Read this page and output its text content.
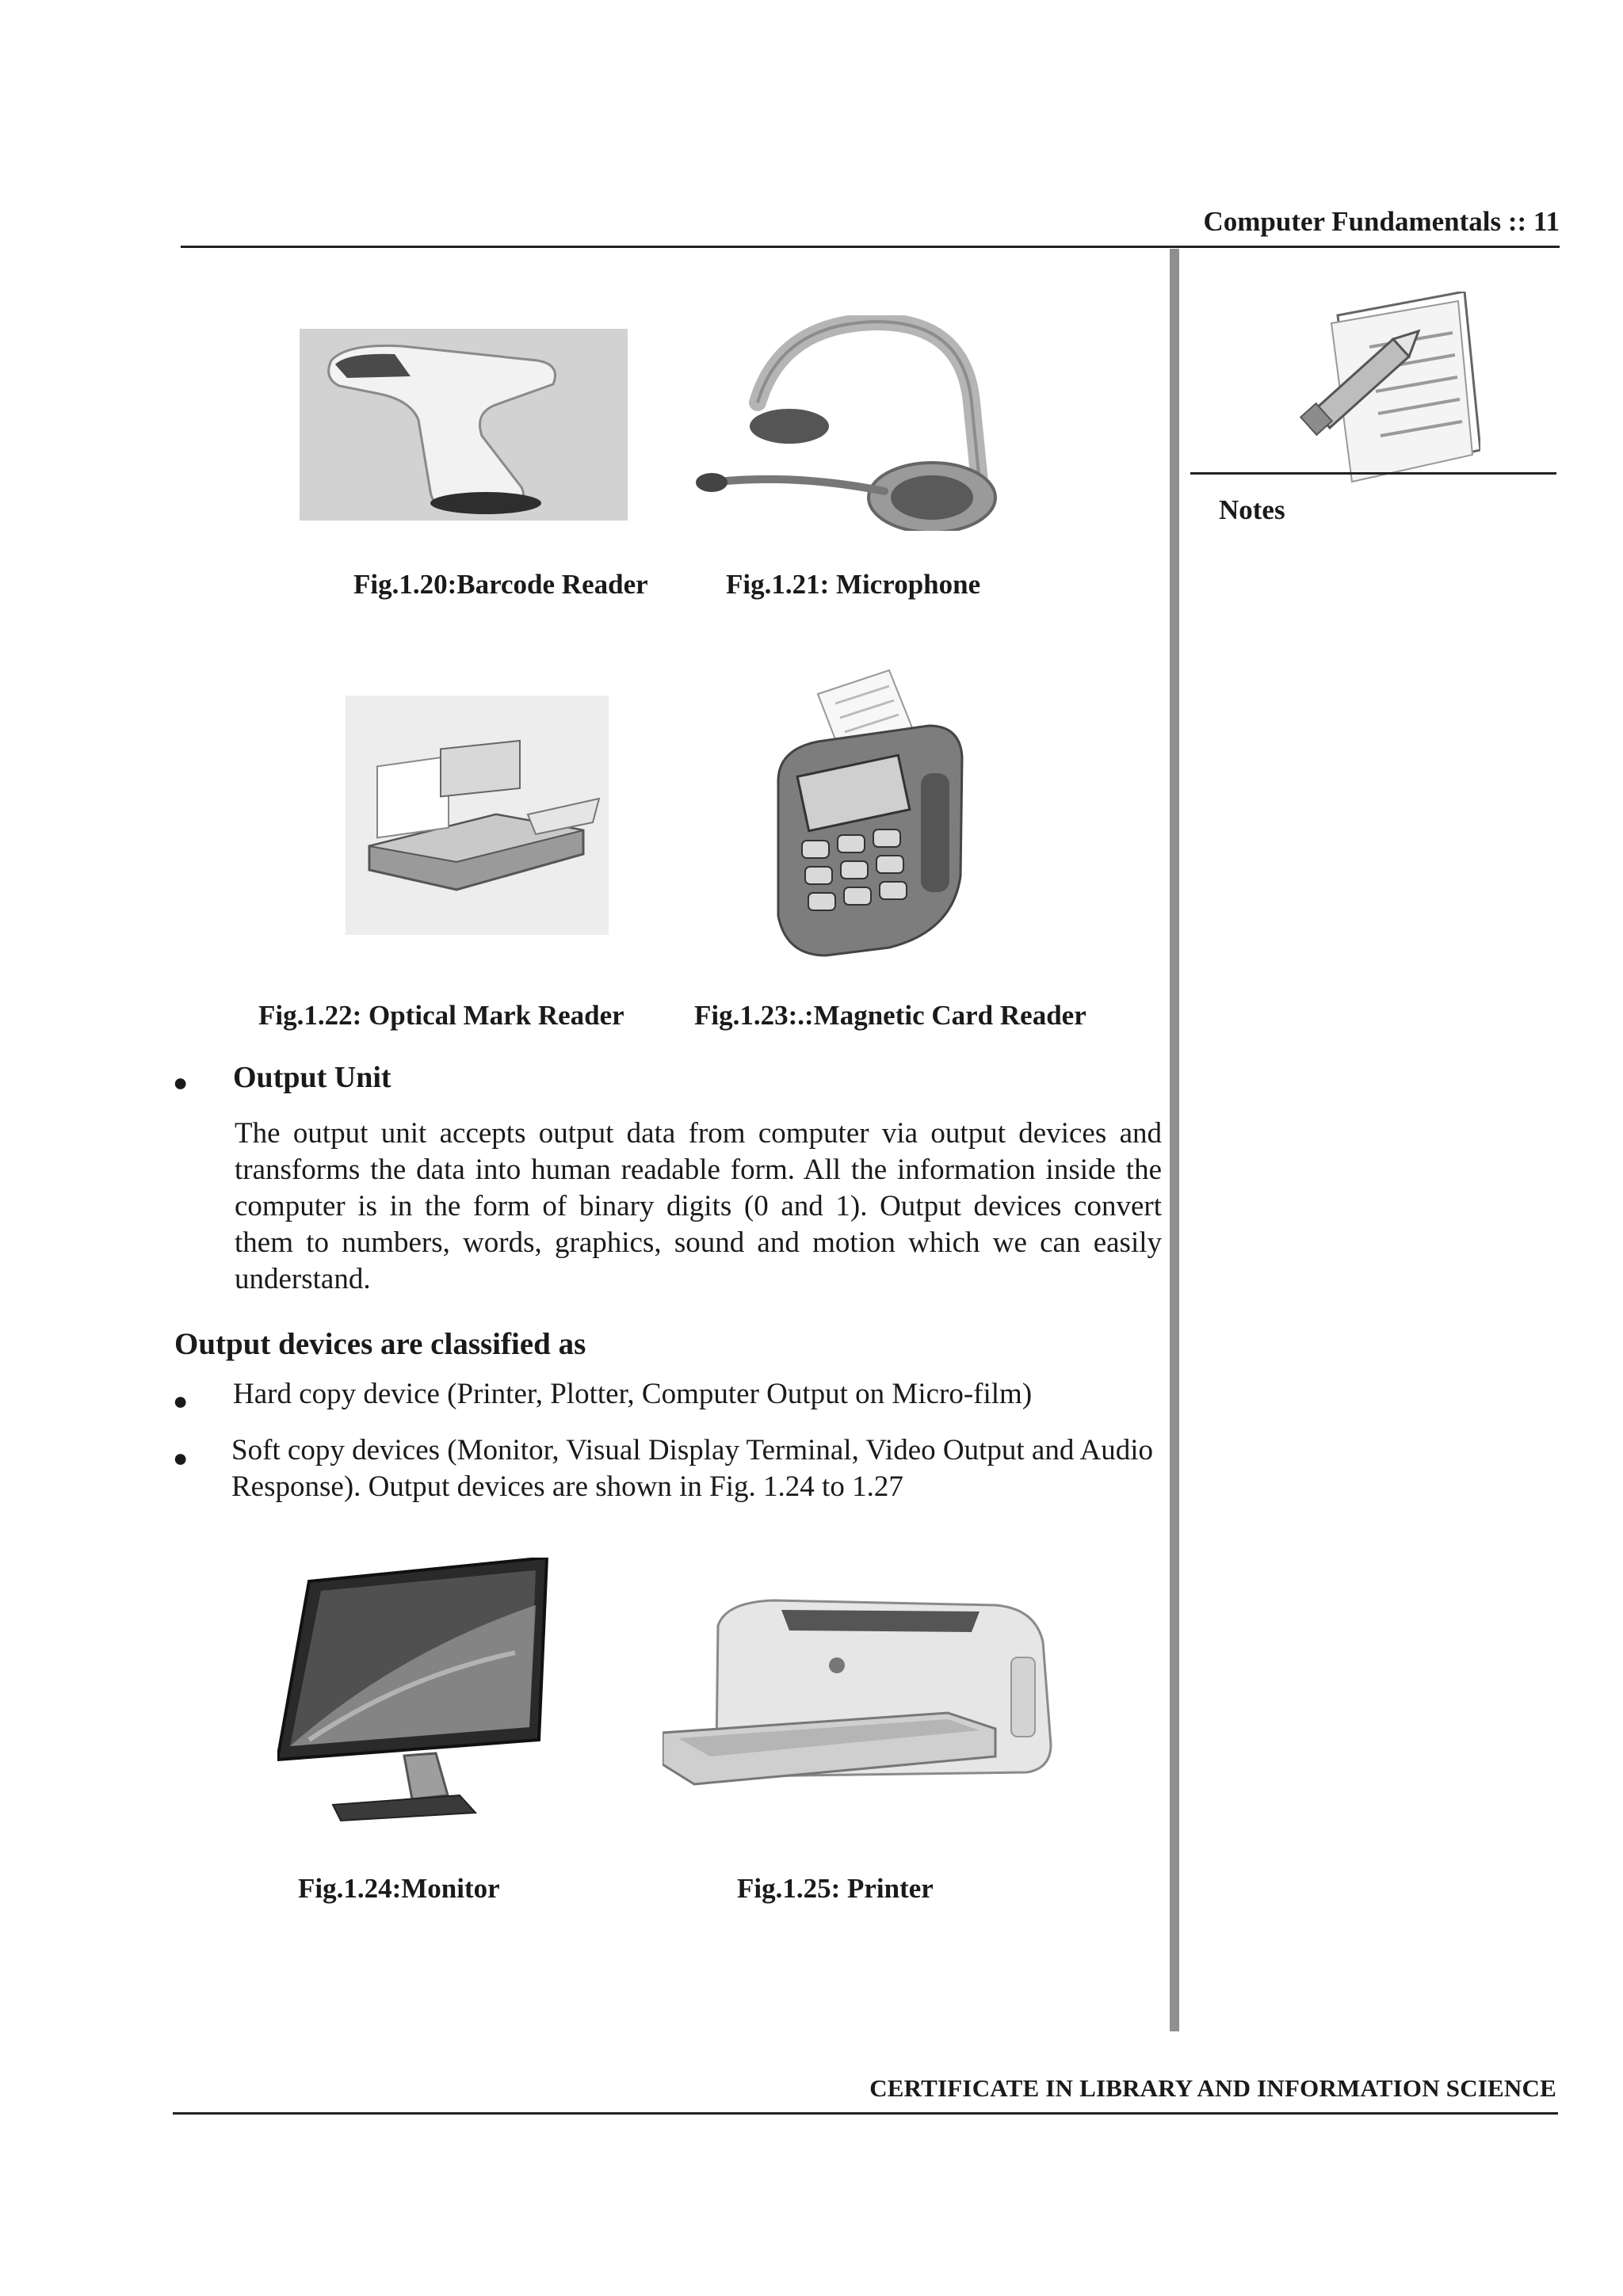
Computer Fundamentals :: 11
Notes
Fig.1.20:Barcode Reader	Fig.1.21: Microphone
Fig.1.22: Optical Mark Reader	Fig.1.23:.:Magnetic Card Reader
● Output Unit
The output unit accepts output data from computer via output devices and transforms the data into human readable form. All the information inside the computer is in the form of binary digits (0 and 1). Output devices convert them to numbers, words, graphics, sound and motion which we can easily understand.
Output devices are classified as
● Hard copy device (Printer, Plotter, Computer Output on Micro-film)
● Soft copy devices (Monitor, Visual Display Terminal, Video Output and Audio Response). Output devices are shown in Fig. 1.24 to 1.27
Fig.1.24:Monitor	Fig.1.25: Printer
CERTIFICATE IN LIBRARY AND INFORMATION SCIENCE
